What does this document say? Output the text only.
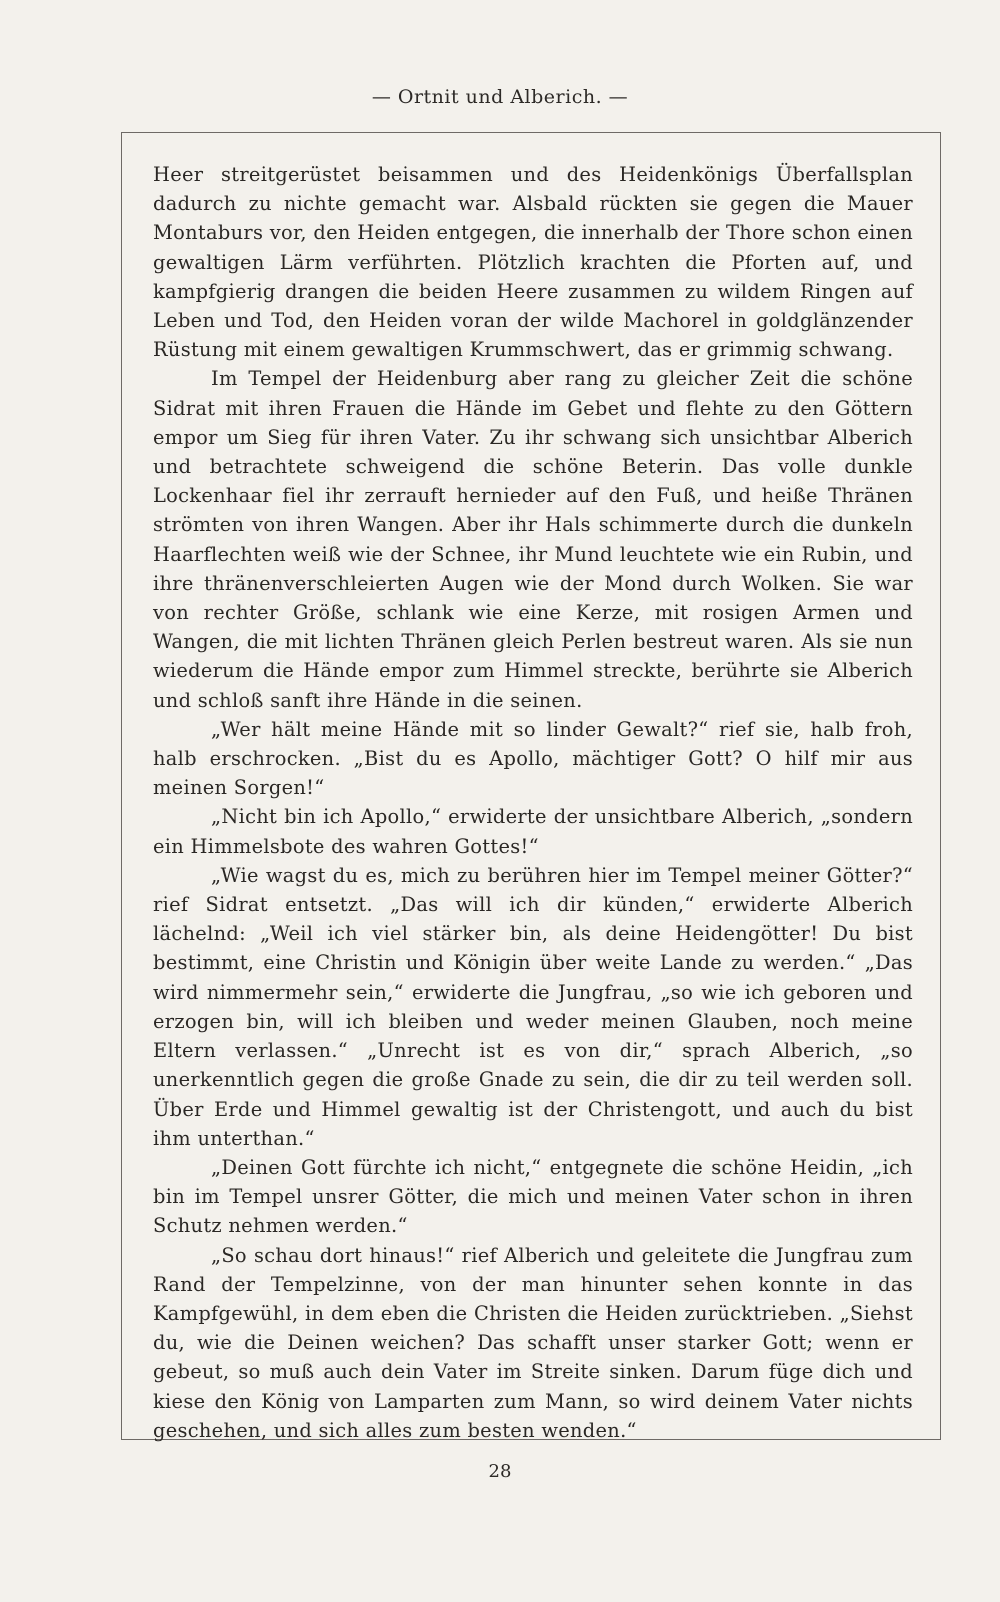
— Ortnit und Alberich. —

Heer streitgerüstet beisammen und des Heidenkönigs Überfallsplan dadurch zu nichte gemacht war. Alsbald rückten sie gegen die Mauer Montaburs vor, den Heiden entgegen, die innerhalb der Thore schon einen gewaltigen Lärm verführten. Plötzlich krachten die Pforten auf, und kampfgierig drangen die beiden Heere zusammen zu wildem Ringen auf Leben und Tod, den Heiden voran der wilde Machorel in goldglänzender Rüstung mit einem gewaltigen Krummschwert, das er grimmig schwang.

Im Tempel der Heidenburg aber rang zu gleicher Zeit die schöne Sidrat mit ihren Frauen die Hände im Gebet und flehte zu den Göttern empor um Sieg für ihren Vater. Zu ihr schwang sich unsichtbar Alberich und betrachtete schweigend die schöne Beterin. Das volle dunkle Lockenhaar fiel ihr zerrauft hernieder auf den Fuß, und heiße Thränen strömten von ihren Wangen. Aber ihr Hals schimmerte durch die dunkeln Haarflechten weiß wie der Schnee, ihr Mund leuchtete wie ein Rubin, und ihre thränenverschleierten Augen wie der Mond durch Wolken. Sie war von rechter Größe, schlank wie eine Kerze, mit rosigen Armen und Wangen, die mit lichten Thränen gleich Perlen bestreut waren. Als sie nun wiederum die Hände empor zum Himmel streckte, berührte sie Alberich und schloß sanft ihre Hände in die seinen.

„Wer hält meine Hände mit so linder Gewalt?“ rief sie, halb froh, halb erschrocken. „Bist du es Apollo, mächtiger Gott? O hilf mir aus meinen Sorgen!“

„Nicht bin ich Apollo,“ erwiderte der unsichtbare Alberich, „sondern ein Himmelsbote des wahren Gottes!“

„Wie wagst du es, mich zu berühren hier im Tempel meiner Götter?“ rief Sidrat entsetzt. „Das will ich dir künden,“ erwiderte Alberich lächelnd: „Weil ich viel stärker bin, als deine Heidengötter! Du bist bestimmt, eine Christin und Königin über weite Lande zu werden.“ „Das wird nimmermehr sein,“ erwiderte die Jungfrau, „so wie ich geboren und erzogen bin, will ich bleiben und weder meinen Glauben, noch meine Eltern verlassen.“ „Unrecht ist es von dir,“ sprach Alberich, „so unerkenntlich gegen die große Gnade zu sein, die dir zu teil werden soll. Über Erde und Himmel gewaltig ist der Christengott, und auch du bist ihm unterthan.“

„Deinen Gott fürchte ich nicht,“ entgegnete die schöne Heidin, „ich bin im Tempel unsrer Götter, die mich und meinen Vater schon in ihren Schutz nehmen werden.“

„So schau dort hinaus!“ rief Alberich und geleitete die Jungfrau zum Rand der Tempelzinne, von der man hinunter sehen konnte in das Kampfgewühl, in dem eben die Christen die Heiden zurücktrieben. „Siehst du, wie die Deinen weichen? Das schafft unser starker Gott; wenn er gebeut, so muß auch dein Vater im Streite sinken. Darum füge dich und kiese den König von Lamparten zum Mann, so wird deinem Vater nichts geschehen, und sich alles zum besten wenden.“

28
